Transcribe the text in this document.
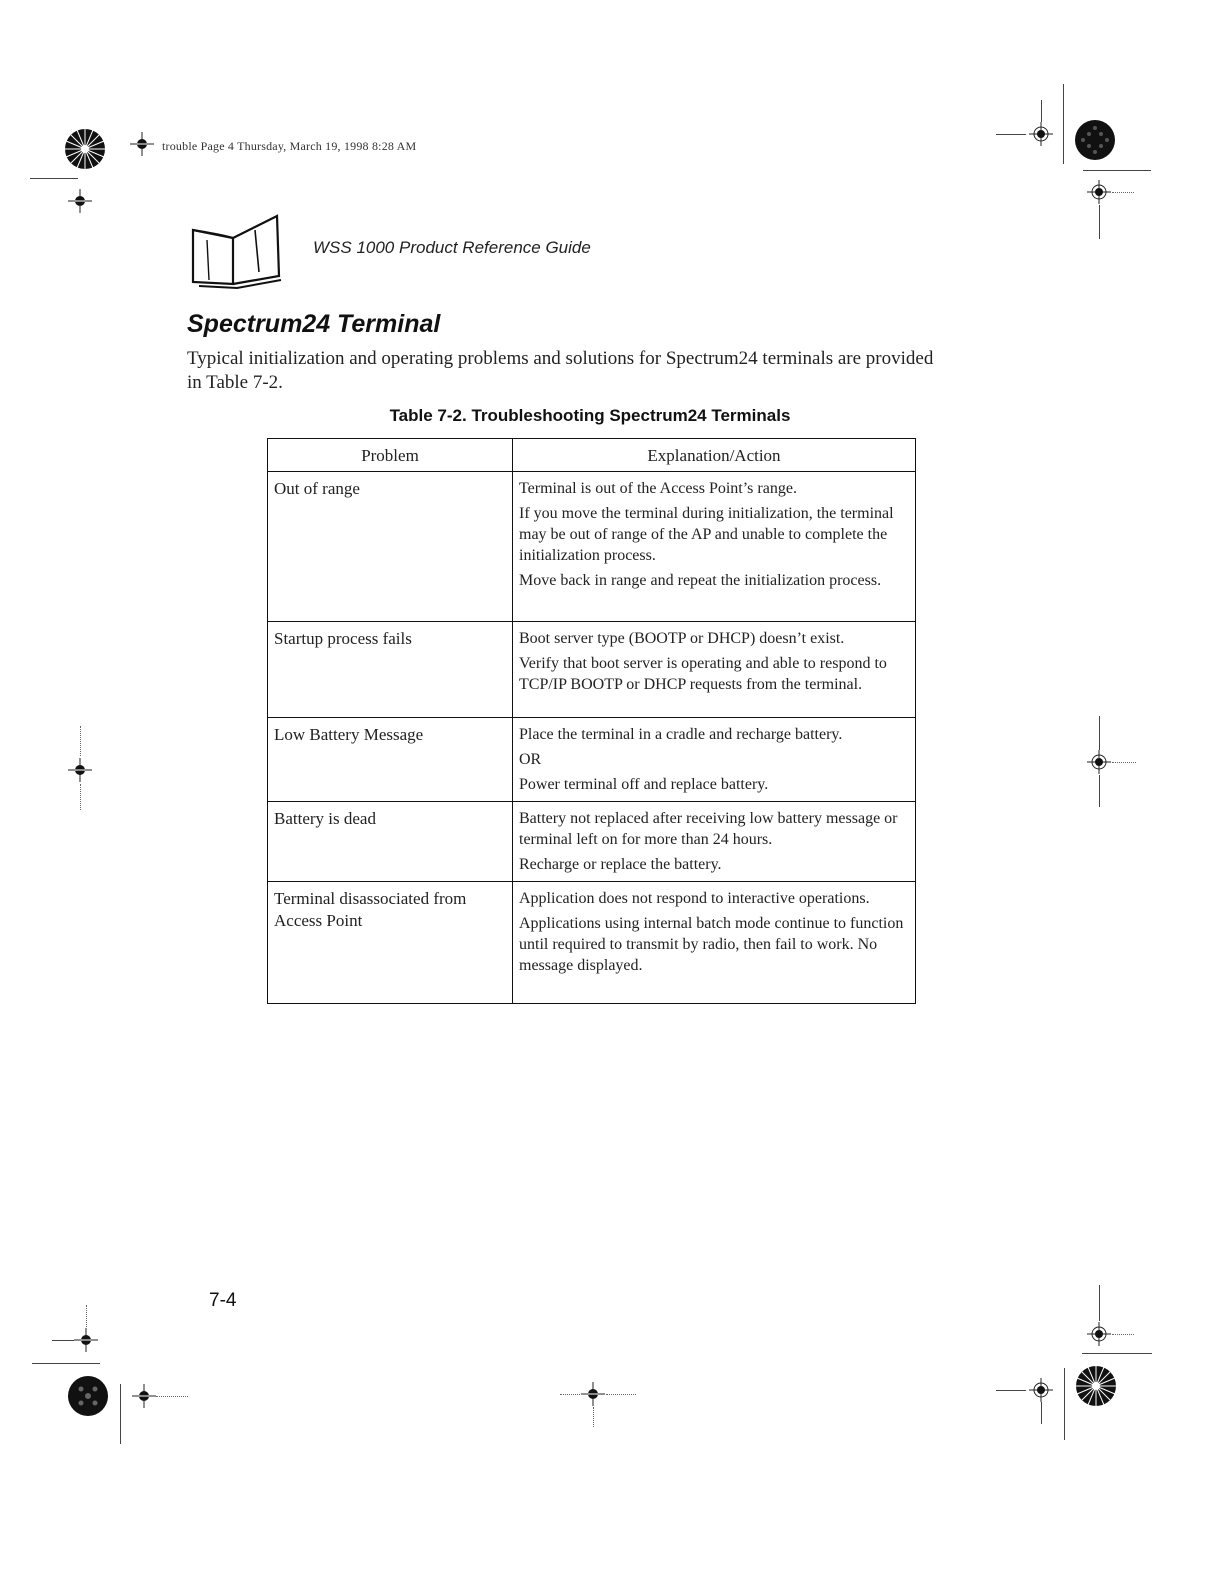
trouble Page 4 Thursday, March 19, 1998 8:28 AM
WSS 1000 Product Reference Guide
Spectrum24 Terminal
Typical initialization and operating problems and solutions for Spectrum24 terminals are provided in Table 7-2.
Table 7-2. Troubleshooting Spectrum24 Terminals
Problem	Explanation/Action
Out of range	Terminal is out of the Access Point’s range.

If you move the terminal during initialization, the terminal may be out of range of the AP and unable to complete the initialization process.

Move back in range and repeat the initialization process.

Startup process fails	Boot server type (BOOTP or DHCP) doesn’t exist.

Verify that boot server is operating and able to respond to TCP/IP BOOTP or DHCP requests from the terminal.

Low Battery Message	Place the terminal in a cradle and recharge battery.

OR

Power terminal off and replace battery.

Battery is dead	Battery not replaced after receiving low battery message or terminal left on for more than 24 hours.

Recharge or replace the battery.

Terminal disassociated from Access Point	Application does not respond to interactive operations.

Applications using internal batch mode continue to function until required to transmit by radio, then fail to work. No message displayed.

7-4
